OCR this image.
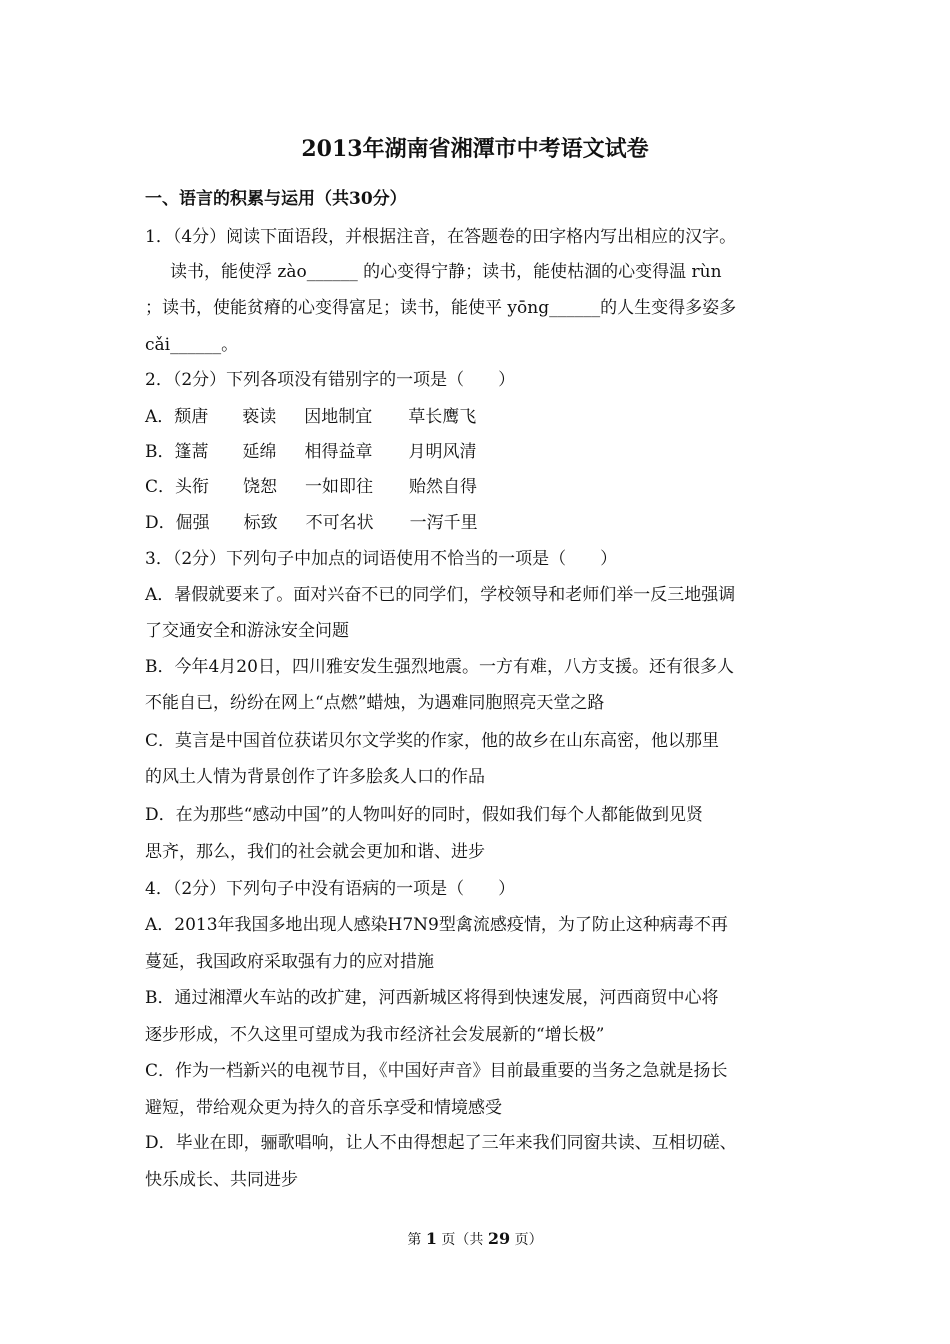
2013年湖南省湘潭市中考语文试卷
一、语言的积累与运用（共30分）
1．（4分）阅读下面语段，并根据注音，在答题卷的田字格内写出相应的汉字。
读书，能使浮 zào______ 的心变得宁静；读书，能使枯涸的心变得温 rùn
；读书，使能贫瘠的心变得富足；读书，能使平 yōng______的人生变得多姿多
cǎi______。
2．（2分）下列各项没有错别字的一项是（　　）
A．颓唐 亵读 因地制宜 草长鹰飞
B．篷蒿 延绵 相得益章 月明风清
C．头衔 饶恕 一如即往 贻然自得
D．倔强 标致 不可名状 一泻千里
3．（2分）下列句子中加点的词语使用不恰当的一项是（　　）
A．暑假就要来了。面对兴奋不已的同学们，学校领导和老师们举一反三地强调
了交通安全和游泳安全问题
B．今年4月20日，四川雅安发生强烈地震。一方有难，八方支援。还有很多人
不能自已，纷纷在网上“点燃”蜡烛，为遇难同胞照亮天堂之路
C．莫言是中国首位获诺贝尔文学奖的作家，他的故乡在山东高密，他以那里
的风土人情为背景创作了许多脍炙人口的作品
D．在为那些“感动中国”的人物叫好的同时，假如我们每个人都能做到见贤
思齐，那么，我们的社会就会更加和谐、进步
4．（2分）下列句子中没有语病的一项是（　　）
A．2013年我国多地出现人感染H7N9型禽流感疫情，为了防止这种病毒不再
蔓延，我国政府采取强有力的应对措施
B．通过湘潭火车站的改扩建，河西新城区将得到快速发展，河西商贸中心将
逐步形成，不久这里可望成为我市经济社会发展新的“增长极”
C．作为一档新兴的电视节目，《中国好声音》目前最重要的当务之急就是扬长
避短，带给观众更为持久的音乐享受和情境感受
D．毕业在即，骊歌唱响，让人不由得想起了三年来我们同窗共读、互相切磋、
快乐成长、共同进步
第 1 页（共 29 页）
